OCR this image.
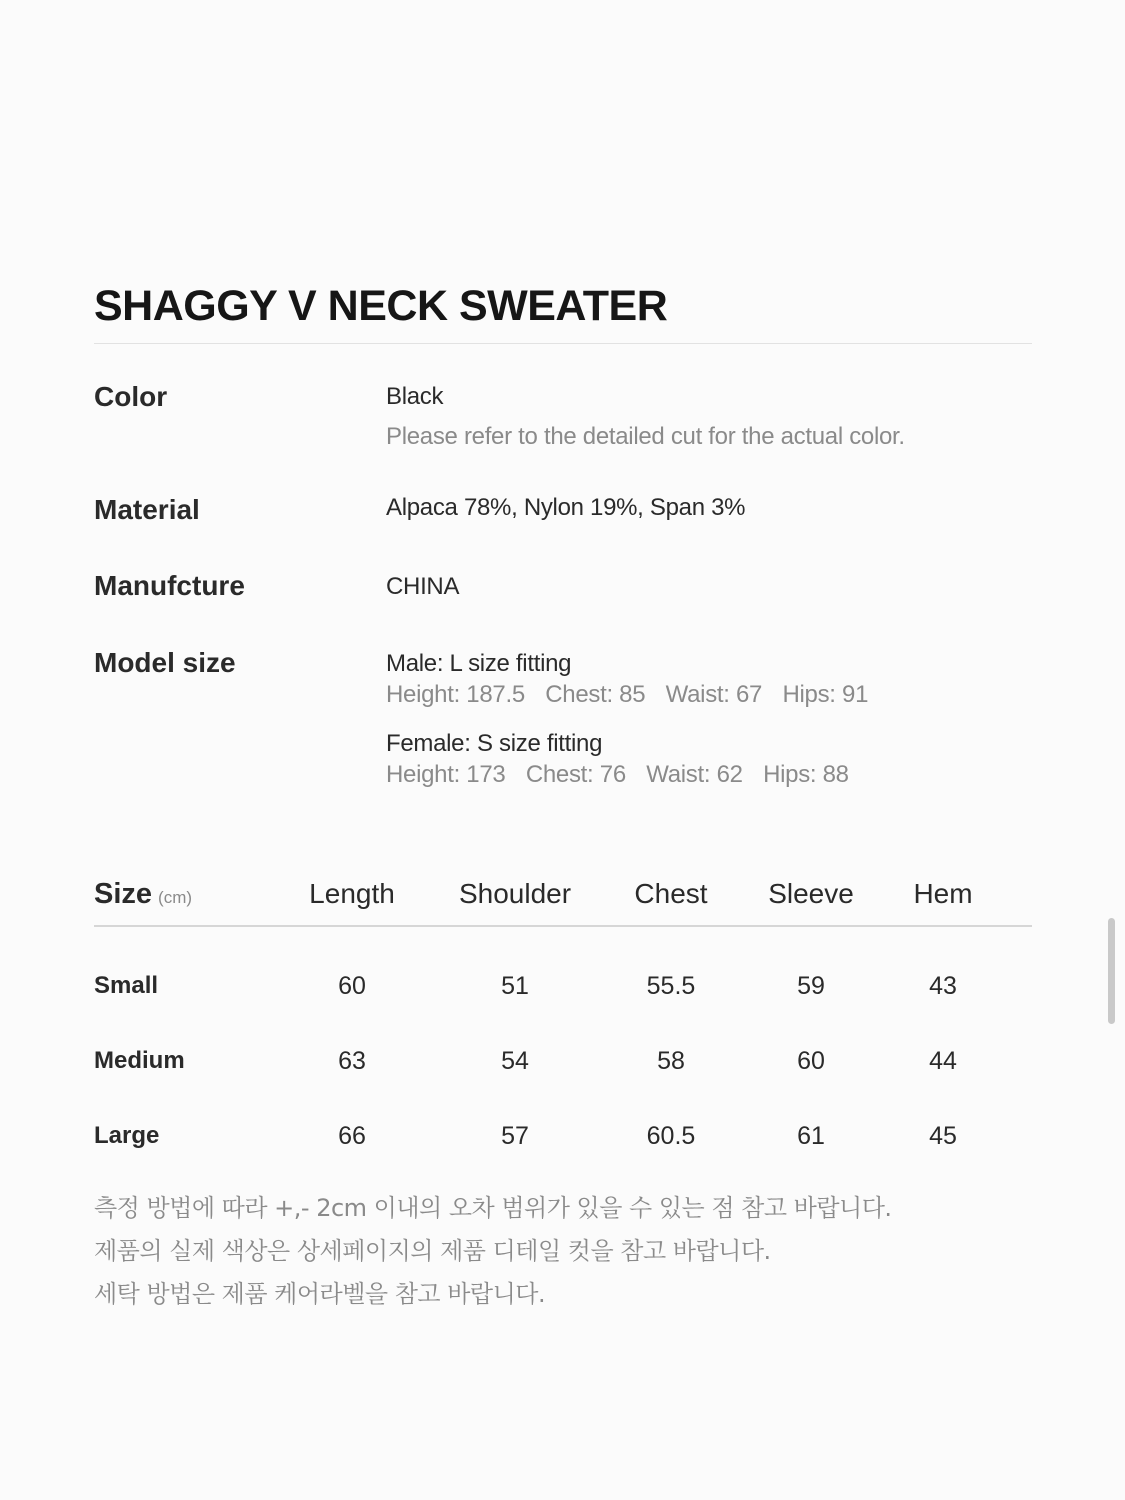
SHAGGY V NECK SWEATER
Color	Black
Please refer to the detailed cut for the actual color.
Material	Alpaca 78%, Nylon 19%, Span 3%
Manufcture	CHINA
Model size	Male: L size fitting
Height: 187.5 Chest: 85 Waist: 67 Hips: 91
Female: S size fitting
Height: 173 Chest: 76 Waist: 62 Hips: 88
Size (cm)	Length	Shoulder	Chest	Sleeve	Hem
Small	60	51	55.5	59	43
Medium	63	54	58	60	44
Large	66	57	60.5	61	45
측정 방법에 따라 +,- 2cm 이내의 오차 범위가 있을 수 있는 점 참고 바랍니다.
제품의 실제 색상은 상세페이지의 제품 디테일 컷을 참고 바랍니다.
세탁 방법은 제품 케어라벨을 참고 바랍니다.
